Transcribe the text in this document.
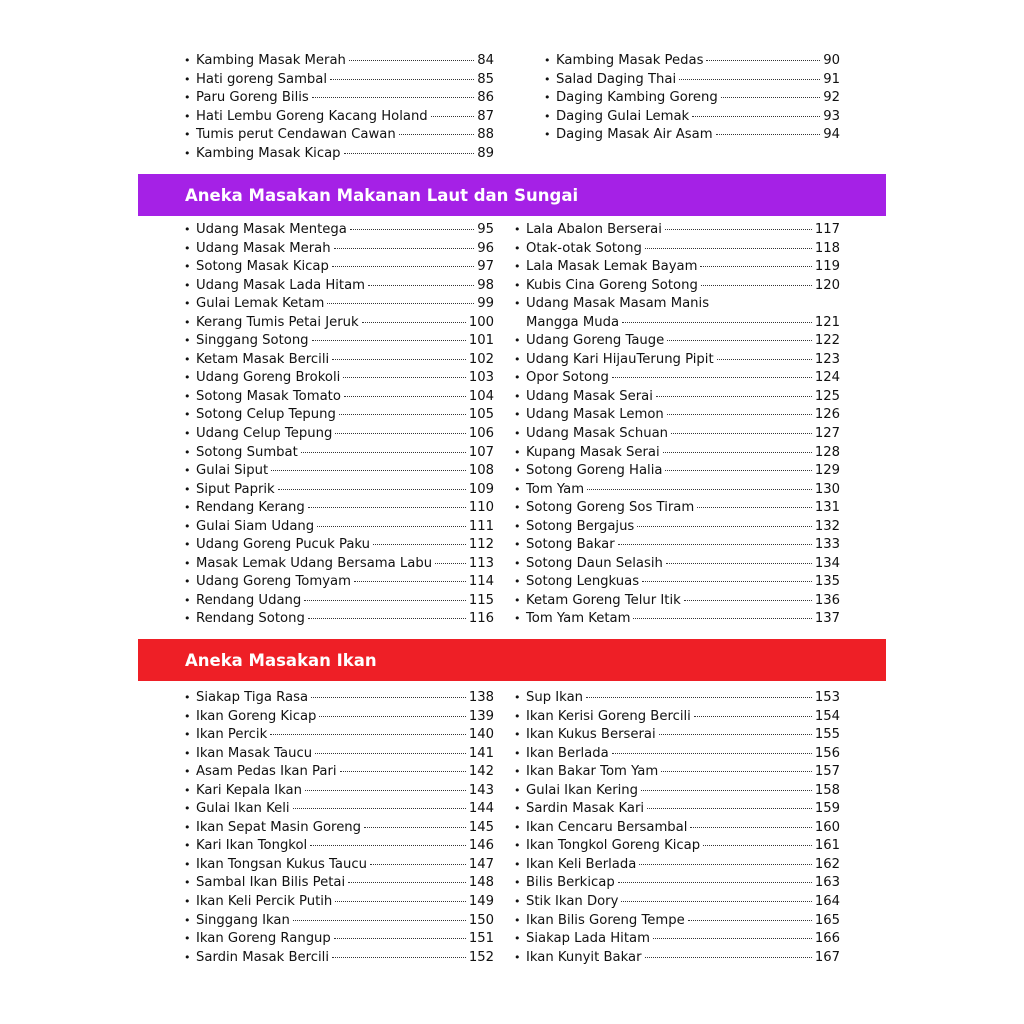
• Kambing Masak Merah	84
• Hati goreng Sambal	85
• Paru Goreng Bilis	86
• Hati Lembu Goreng Kacang Holand	87
• Tumis perut Cendawan Cawan	88
• Kambing Masak Kicap	89
• Kambing Masak Pedas	90
• Salad Daging Thai	91
• Daging Kambing Goreng	92
• Daging Gulai Lemak	93
• Daging Masak Air Asam	94
Aneka Masakan Makanan Laut dan Sungai
• Udang Masak Mentega	95
• Udang Masak Merah	96
• Sotong Masak Kicap	97
• Udang Masak Lada Hitam	98
• Gulai Lemak Ketam	99
• Kerang Tumis Petai Jeruk	100
• Singgang Sotong	101
• Ketam Masak Bercili	102
• Udang Goreng Brokoli	103
• Sotong Masak Tomato	104
• Sotong Celup Tepung	105
• Udang Celup Tepung	106
• Sotong Sumbat	107
• Gulai Siput	108
• Siput Paprik	109
• Rendang Kerang	110
• Gulai Siam Udang	111
• Udang Goreng Pucuk Paku	112
• Masak Lemak Udang Bersama Labu	113
• Udang Goreng Tomyam	114
• Rendang Udang	115
• Rendang Sotong	116
• Lala Abalon Berserai	117
• Otak-otak Sotong	118
• Lala Masak Lemak Bayam	119
• Kubis Cina Goreng Sotong	120
• Udang Masak Masam Manis
Mangga Muda	121
• Udang Goreng Tauge	122
• Udang Kari HijauTerung Pipit	123
• Opor Sotong	124
• Udang Masak Serai	125
• Udang Masak Lemon	126
• Udang Masak Schuan	127
• Kupang Masak Serai	128
• Sotong Goreng Halia	129
• Tom Yam	130
• Sotong Goreng Sos Tiram	131
• Sotong Bergajus	132
• Sotong Bakar	133
• Sotong Daun Selasih	134
• Sotong Lengkuas	135
• Ketam Goreng Telur Itik	136
• Tom Yam Ketam	137
Aneka Masakan Ikan
• Siakap Tiga Rasa	138
• Ikan Goreng Kicap	139
• Ikan Percik	140
• Ikan Masak Taucu	141
• Asam Pedas Ikan Pari	142
• Kari Kepala Ikan	143
• Gulai Ikan Keli	144
• Ikan Sepat Masin Goreng	145
• Kari Ikan Tongkol	146
• Ikan Tongsan Kukus Taucu	147
• Sambal Ikan Bilis Petai	148
• Ikan Keli Percik Putih	149
• Singgang Ikan	150
• Ikan Goreng Rangup	151
• Sardin Masak Bercili	152
• Sup Ikan	153
• Ikan Kerisi Goreng Bercili	154
• Ikan Kukus Berserai	155
• Ikan Berlada	156
• Ikan Bakar Tom Yam	157
• Gulai Ikan Kering	158
• Sardin Masak Kari	159
• Ikan Cencaru Bersambal	160
• Ikan Tongkol Goreng Kicap	161
• Ikan Keli Berlada	162
• Bilis Berkicap	163
• Stik Ikan Dory	164
• Ikan Bilis Goreng Tempe	165
• Siakap Lada Hitam	166
• Ikan Kunyit Bakar	167
